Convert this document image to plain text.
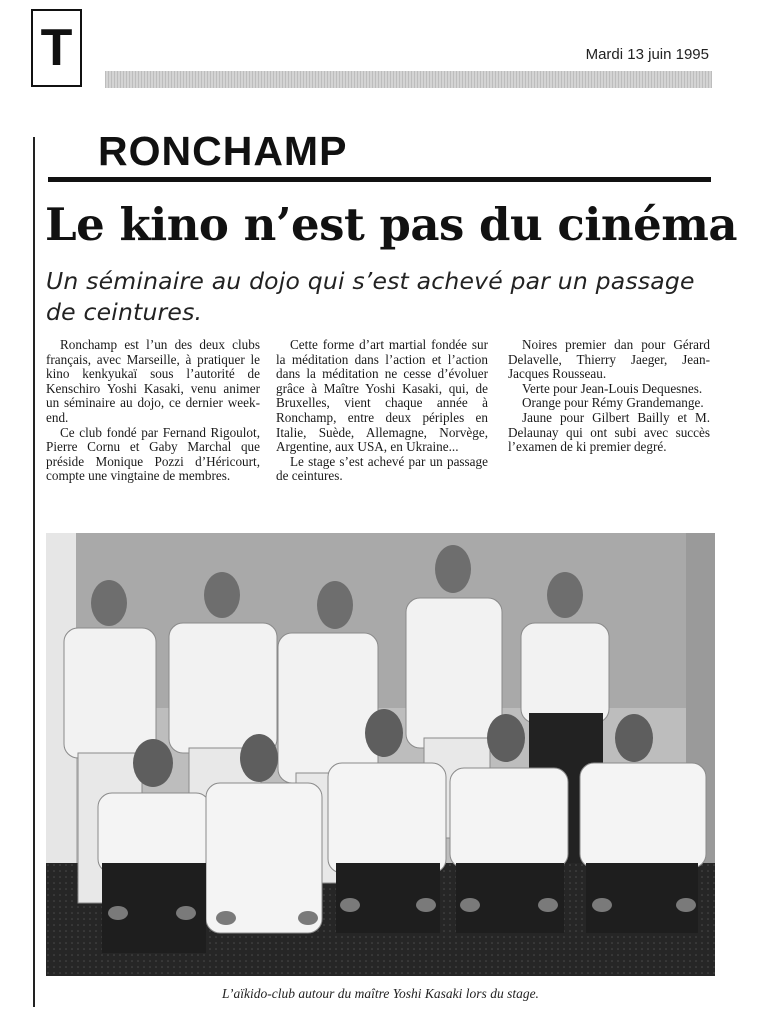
T	Mardi 13 juin 1995
RONCHAMP
Le kino n’est pas du cinéma
Un séminaire au dojo qui s’est achevé par un passage de ceintures.

Ronchamp est l’un des deux clubs français, avec Marseille, à pratiquer le kino kenkyukaï sous l’autorité de Kenschiro Yoshi Kasaki, venu animer un séminaire au dojo, ce dernier week-end.

Ce club fondé par Fernand Rigoulot, Pierre Cornu et Gaby Marchal que préside Monique Pozzi d’Héricourt, compte une vingtaine de membres.

Cette forme d’art martial fondée sur la méditation dans l’action et l’action dans la méditation ne cesse d’évoluer grâce à Maître Yoshi Kasaki, qui, de Bruxelles, vient chaque année à Ronchamp, entre deux périples en Italie, Suède, Allemagne, Norvège, Argentine, aux USA, en Ukraine...

Le stage s’est achevé par un passage de ceintures.

Noires premier dan pour Gérard Delavelle, Thierry Jaeger, Jean-Jacques Rousseau.

Verte pour Jean-Louis Dequesnes.

Orange pour Rémy Grandemange.

Jaune pour Gilbert Bailly et M. Delaunay qui ont subi avec succès l’examen de ki premier degré.

L’aïkido-club autour du maître Yoshi Kasaki lors du stage.
